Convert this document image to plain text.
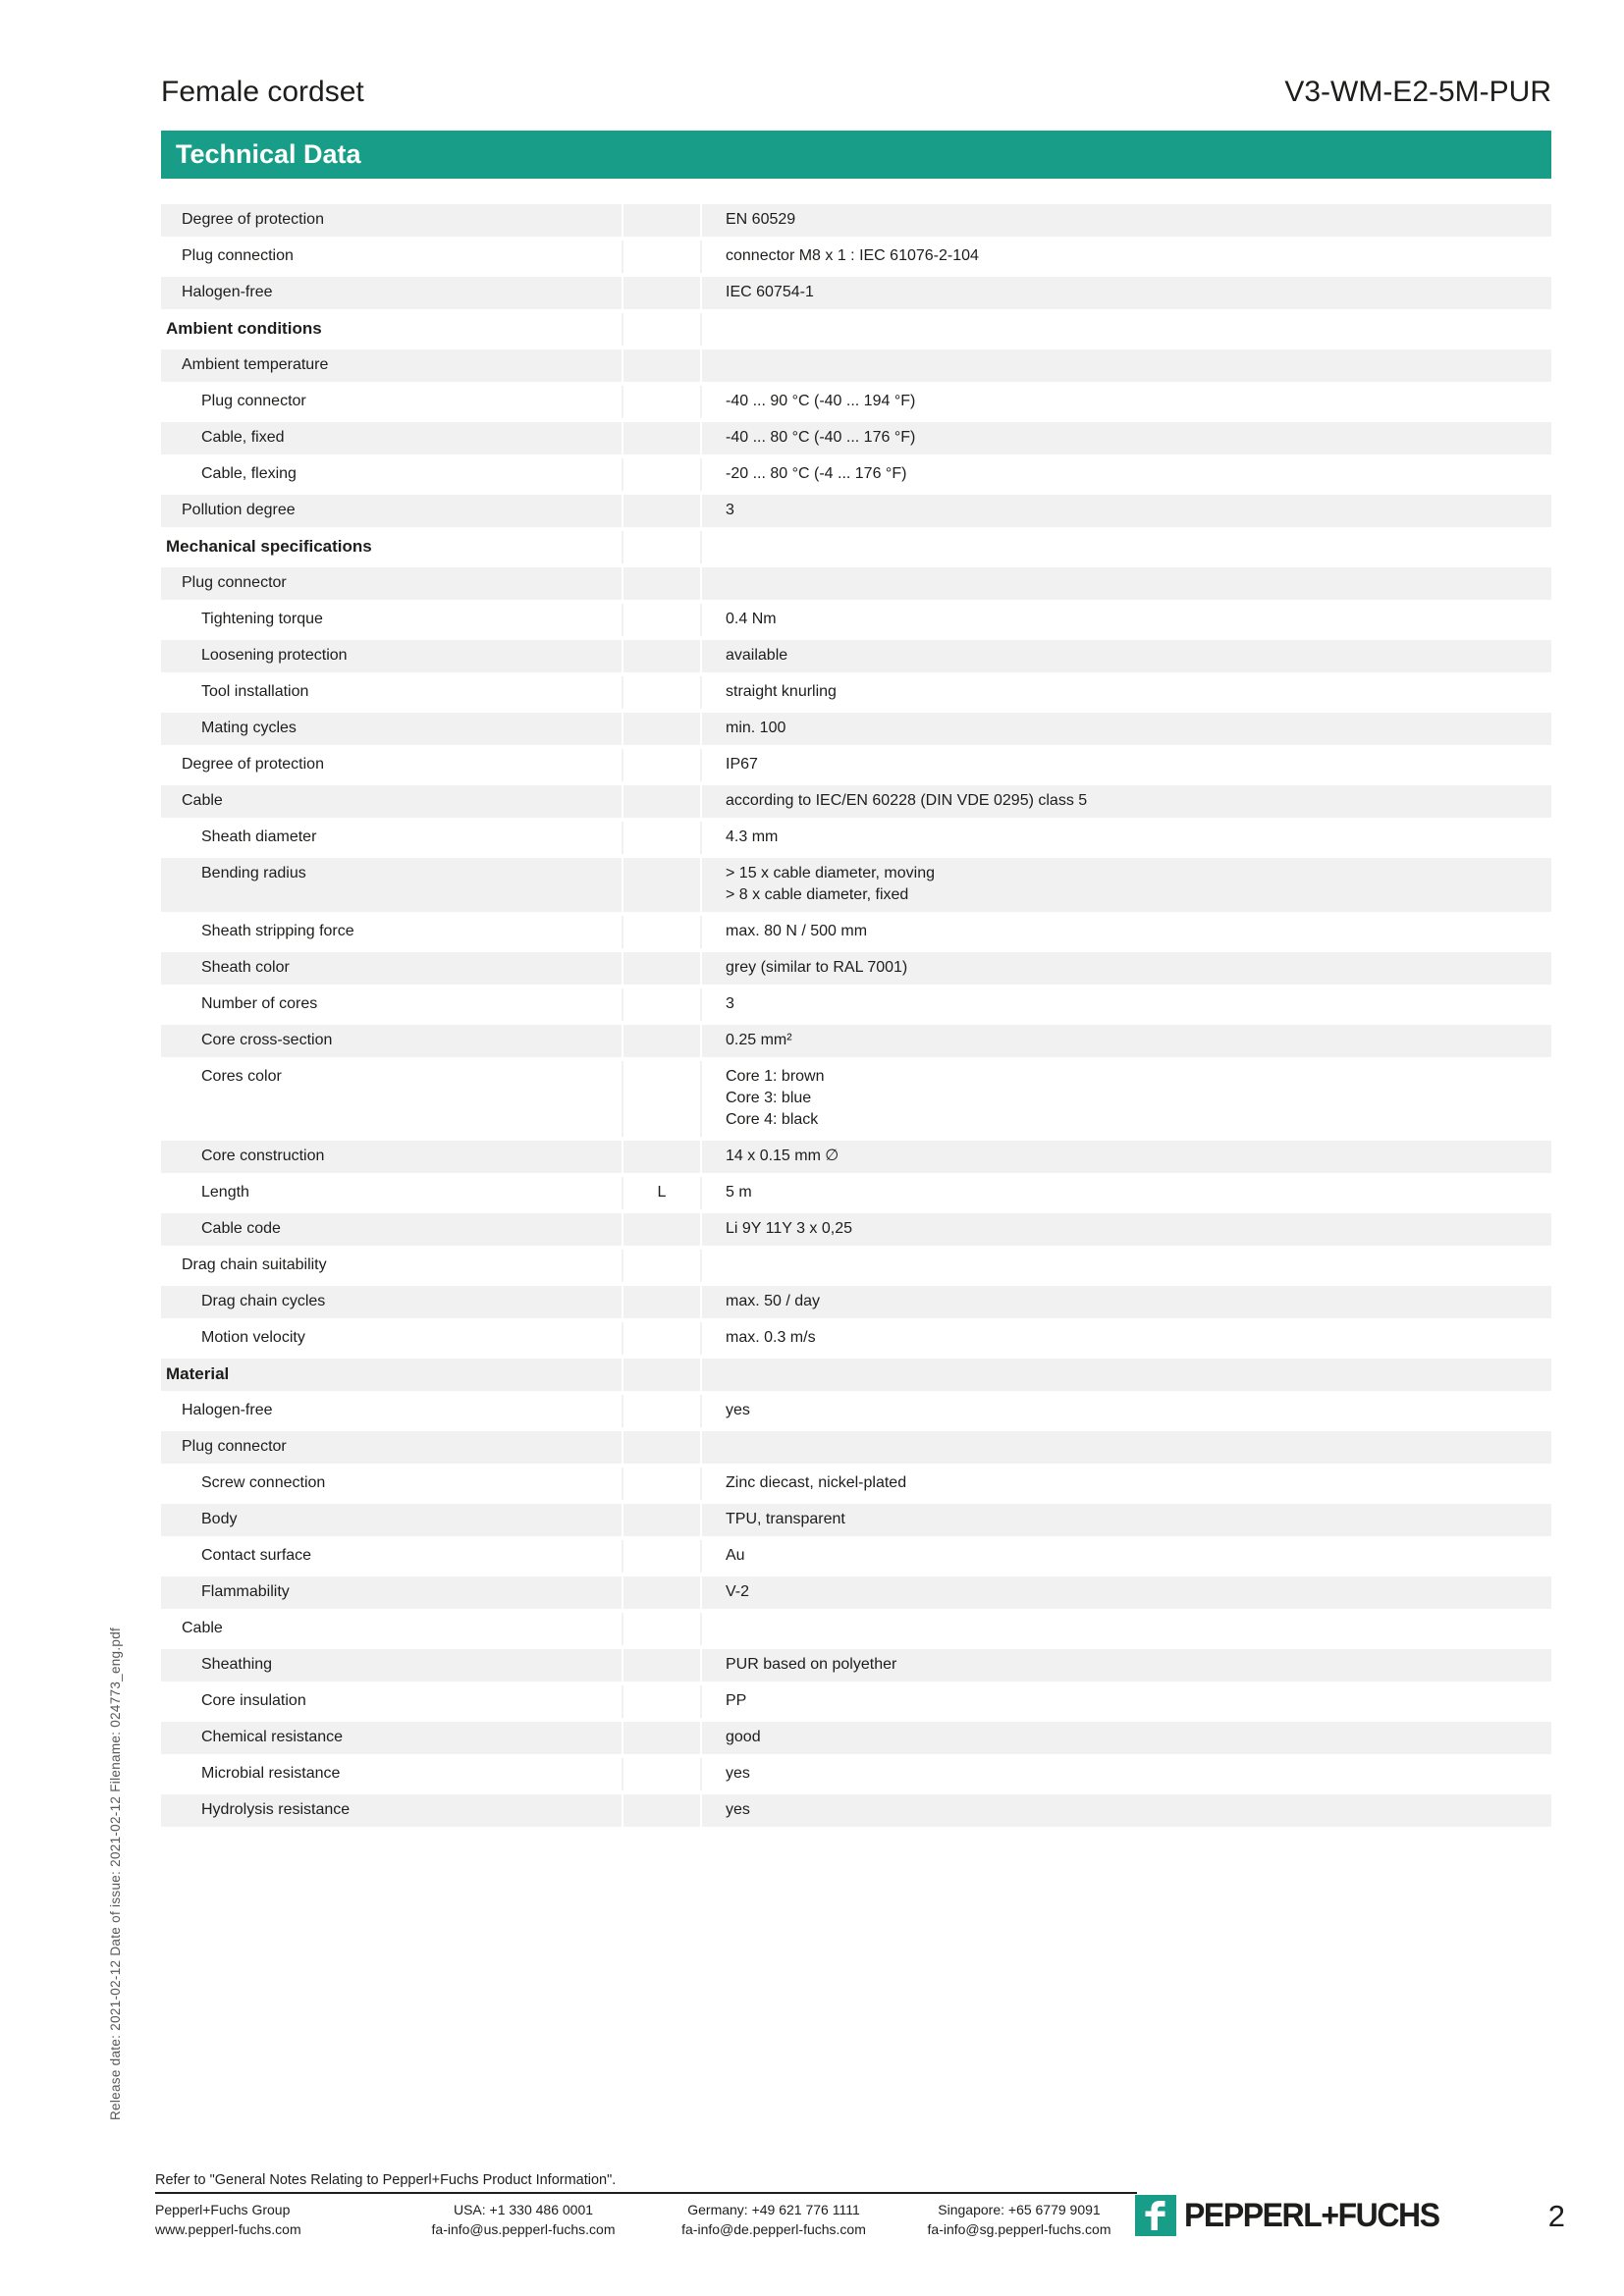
Release date: 2021-02-12 Date of issue: 2021-02-12 Filename: 024773_eng.pdf
Female cordset	V3-WM-E2-5M-PUR
Technical Data
Degree of protection	EN 60529
Plug connection	connector M8 x 1 : IEC 61076-2-104
Halogen-free	IEC 60754-1
Ambient conditions
Ambient temperature
Plug connector	-40 ... 90 °C (-40 ... 194 °F)
Cable, fixed	-40 ... 80 °C (-40 ... 176 °F)
Cable, flexing	-20 ... 80 °C (-4 ... 176 °F)
Pollution degree	3
Mechanical specifications
Plug connector
Tightening torque	0.4 Nm
Loosening protection	available
Tool installation	straight knurling
Mating cycles	min. 100
Degree of protection	IP67
Cable	according to IEC/EN 60228 (DIN VDE 0295) class 5
Sheath diameter	4.3 mm
Bending radius	> 15 x cable diameter, moving
> 8 x cable diameter, fixed
Sheath stripping force	max. 80 N / 500 mm
Sheath color	grey (similar to RAL 7001)
Number of cores	3
Core cross-section	0.25 mm²
Cores color	Core 1: brown
Core 3: blue
Core 4: black
Core construction	14 x 0.15 mm ∅
Length	L	5 m
Cable code	Li 9Y 11Y 3 x 0,25
Drag chain suitability
Drag chain cycles	max. 50 / day
Motion velocity	max. 0.3 m/s
Material
Halogen-free	yes
Plug connector
Screw connection	Zinc diecast, nickel-plated
Body	TPU, transparent
Contact surface	Au
Flammability	V-2
Cable
Sheathing	PUR based on polyether
Core insulation	PP
Chemical resistance	good
Microbial resistance	yes
Hydrolysis resistance	yes
Refer to "General Notes Relating to Pepperl+Fuchs Product Information".
Pepperl+Fuchs Group
www.pepperl-fuchs.com
USA: +1 330 486 0001
fa-info@us.pepperl-fuchs.com
Germany: +49 621 776 1111
fa-info@de.pepperl-fuchs.com
Singapore: +65 6779 9091
fa-info@sg.pepperl-fuchs.com	PEPPERL+FUCHS	2
